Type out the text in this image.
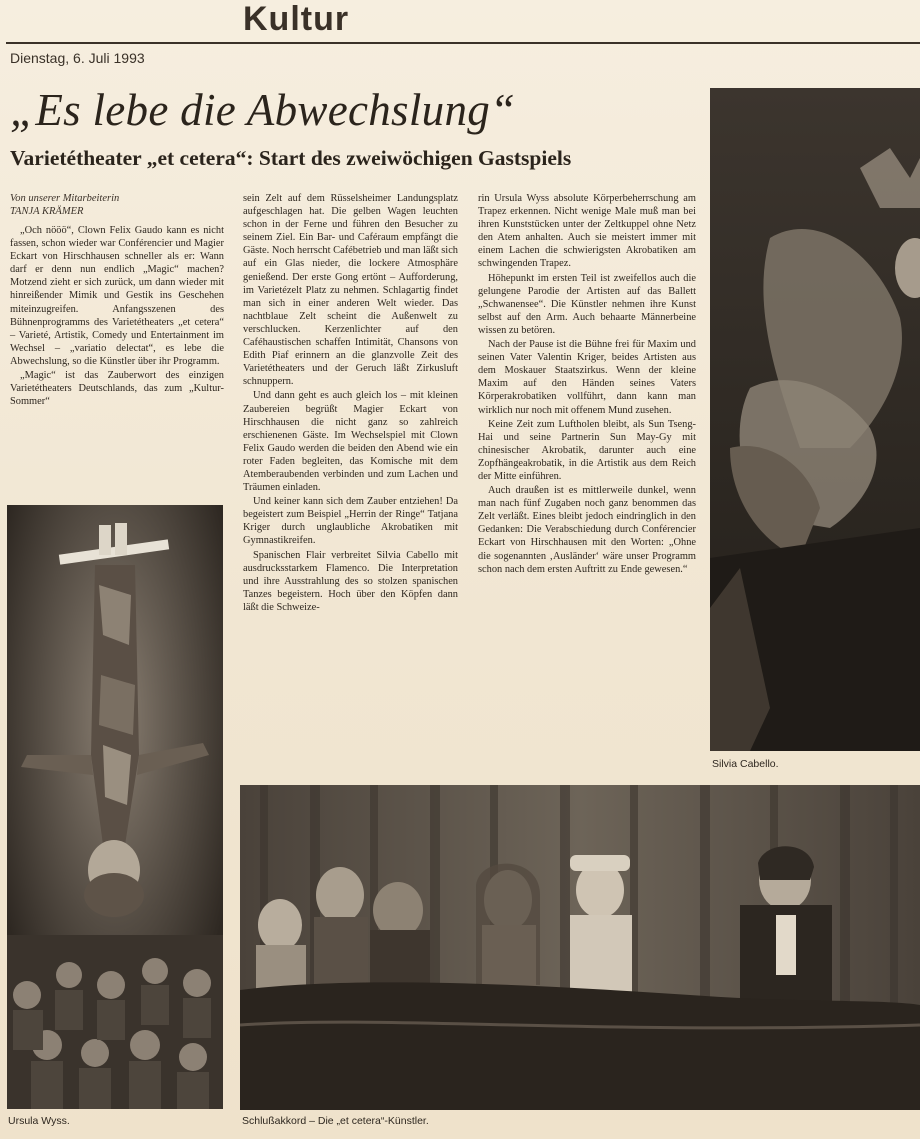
Kultur
Dienstag, 6. Juli 1993
„Es lebe die Abwechslung“
Varietétheater „et cetera“: Start des zweiwöchigen Gastspiels
Von unserer Mitarbeiterin
TANJA KRÄMER

„Och nööö“, Clown Felix Gaudo kann es nicht fassen, schon wieder war Conférencier und Magier Eckart von Hirschhausen schneller als er: Wann darf er denn nun endlich „Magic“ machen? Motzend zieht er sich zurück, um dann wieder mit hinreißender Mimik und Gestik ins Geschehen miteinzugreifen. Anfangsszenen des Bühnenprogramms des Varietétheaters „et cetera“ – Varieté, Artistik, Comedy und Entertainment im Wechsel – „variatio delectat“, es lebe die Abwechslung, so die Künstler über ihr Programm.

„Magic“ ist das Zauberwort des einzigen Varietétheaters Deutschlands, das zum „Kultur-Sommer“

sein Zelt auf dem Rüsselsheimer Landungsplatz aufgeschlagen hat. Die gelben Wagen leuchten schon in der Ferne und führen den Besucher zu seinem Ziel. Ein Bar- und Caféraum empfängt die Gäste. Noch herrscht Cafébetrieb und man läßt sich auf ein Glas nieder, die lockere Atmosphäre genießend. Der erste Gong ertönt – Aufforderung, im Varietézelt Platz zu nehmen. Schlagartig findet man sich in einer anderen Welt wieder. Das nachtblaue Zelt scheint die Außenwelt zu verschlucken. Kerzenlichter auf den Caféhaustischen schaffen Intimität, Chansons von Edith Piaf erinnern an die glanzvolle Zeit des Varietétheaters und der Geruch läßt Zirkusluft schnuppern.

Und dann geht es auch gleich los – mit kleinen Zaubereien begrüßt Magier Eckart von Hirschhausen die nicht ganz so zahlreich erschienenen Gäste. Im Wechselspiel mit Clown Felix Gaudo werden die beiden den Abend wie ein roter Faden begleiten, das Komische mit dem Atemberaubenden verbinden und zum Lachen und Träumen einladen.

Und keiner kann sich dem Zauber entziehen! Da begeistert zum Beispiel „Herrin der Ringe“ Tatjana Kriger durch unglaubliche Akrobatiken mit Gymnastikreifen.

Spanischen Flair verbreitet Silvia Cabello mit ausdrucksstarkem Flamenco. Die Interpretation und ihre Ausstrahlung des so stolzen spanischen Tanzes begeistern. Hoch über den Köpfen dann läßt die Schweize-

rin Ursula Wyss absolute Körperbeherrschung am Trapez erkennen. Nicht wenige Male muß man bei ihren Kunststücken unter der Zeltkuppel ohne Netz den Atem anhalten. Auch sie meistert immer mit einem Lachen die schwierigsten Akrobatiken am schwingenden Trapez.

Höhepunkt im ersten Teil ist zweifellos auch die gelungene Parodie der Artisten auf das Ballett „Schwanensee“. Die Künstler nehmen ihre Kunst selbst auf den Arm. Auch behaarte Männerbeine wissen zu betören.

Nach der Pause ist die Bühne frei für Maxim und seinen Vater Valentin Kriger, beides Artisten aus dem Moskauer Staatszirkus. Wenn der kleine Maxim auf den Händen seines Vaters Körperakrobatiken vollführt, dann kann man wirklich nur noch mit offenem Mund zusehen.

Keine Zeit zum Luftholen bleibt, als Sun Tseng-Hai und seine Partnerin Sun May-Gy mit chinesischer Akrobatik, darunter auch eine Zopfhängeakrobatik, in die Artistik aus dem Reich der Mitte einführen.

Auch draußen ist es mittlerweile dunkel, wenn man nach fünf Zugaben noch ganz benommen das Zelt verläßt. Eines bleibt jedoch eindringlich in den Gedanken: Die Verabschiedung durch Conférencier Eckart von Hirschhausen mit den Worten: „Ohne die sogenannten ‚Ausländer‘ wäre unser Programm schon nach dem ersten Auftritt zu Ende gewesen.“

Ursula Wyss.
Silvia Cabello.
Schlußakkord – Die „et cetera“-Künstler.
